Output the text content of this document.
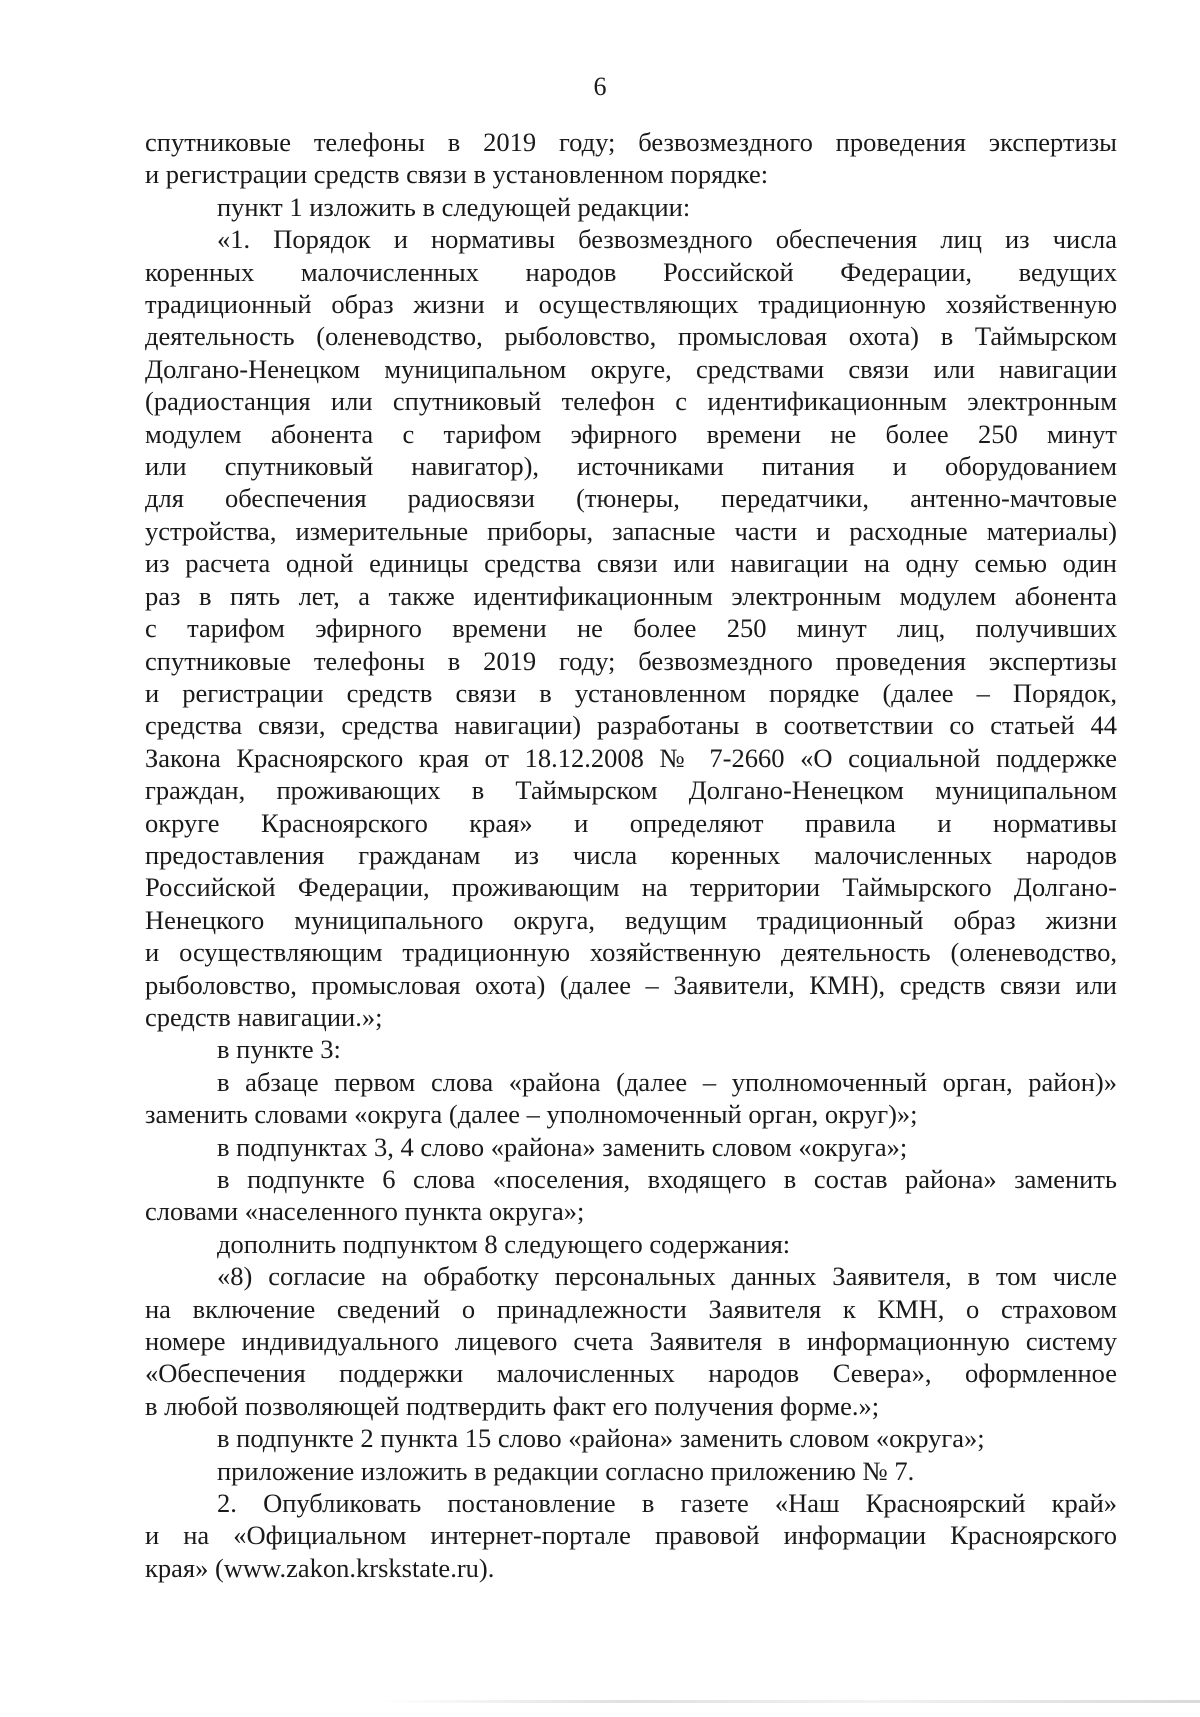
6
спутниковые телефоны в 2019 году; безвозмездного проведения экспертизы
и регистрации средств связи в установленном порядке:
пункт 1 изложить в следующей редакции:
«1. Порядок и нормативы безвозмездного обеспечения лиц из числа
коренных малочисленных народов Российской Федерации, ведущих
традиционный образ жизни и осуществляющих традиционную хозяйственную
деятельность (оленеводство, рыболовство, промысловая охота) в Таймырском
Долгано-Ненецком муниципальном округе, средствами связи или навигации
(радиостанция или спутниковый телефон с идентификационным электронным
модулем абонента с тарифом эфирного времени не более 250 минут
или спутниковый навигатор), источниками питания и оборудованием
для обеспечения радиосвязи (тюнеры, передатчики, антенно-мачтовые
устройства, измерительные приборы, запасные части и расходные материалы)
из расчета одной единицы средства связи или навигации на одну семью один
раз в пять лет, а также идентификационным электронным модулем абонента
с тарифом эфирного времени не более 250 минут лиц, получивших
спутниковые телефоны в 2019 году; безвозмездного проведения экспертизы
и регистрации средств связи в установленном порядке (далее – Порядок,
средства связи, средства навигации) разработаны в соответствии со статьей 44
Закона Красноярского края от 18.12.2008 № 7-2660 «О социальной поддержке
граждан, проживающих в Таймырском Долгано-Ненецком муниципальном
округе Красноярского края» и определяют правила и нормативы
предоставления гражданам из числа коренных малочисленных народов
Российской Федерации, проживающим на территории Таймырского Долгано-
Ненецкого муниципального округа, ведущим традиционный образ жизни
и осуществляющим традиционную хозяйственную деятельность (оленеводство,
рыболовство, промысловая охота) (далее – Заявители, КМН), средств связи или
средств навигации.»;
в пункте 3:
в абзаце первом слова «района (далее – уполномоченный орган, район)»
заменить словами «округа (далее – уполномоченный орган, округ)»;
в подпунктах 3, 4 слово «района» заменить словом «округа»;
в подпункте 6 слова «поселения, входящего в состав района» заменить
словами «населенного пункта округа»;
дополнить подпунктом 8 следующего содержания:
«8) согласие на обработку персональных данных Заявителя, в том числе
на включение сведений о принадлежности Заявителя к КМН, о страховом
номере индивидуального лицевого счета Заявителя в информационную систему
«Обеспечения поддержки малочисленных народов Севера», оформленное
в любой позволяющей подтвердить факт его получения форме.»;
в подпункте 2 пункта 15 слово «района» заменить словом «округа»;
приложение изложить в редакции согласно приложению № 7.
2. Опубликовать постановление в газете «Наш Красноярский край»
и на «Официальном интернет-портале правовой информации Красноярского
края» (www.zakon.krskstate.ru).
